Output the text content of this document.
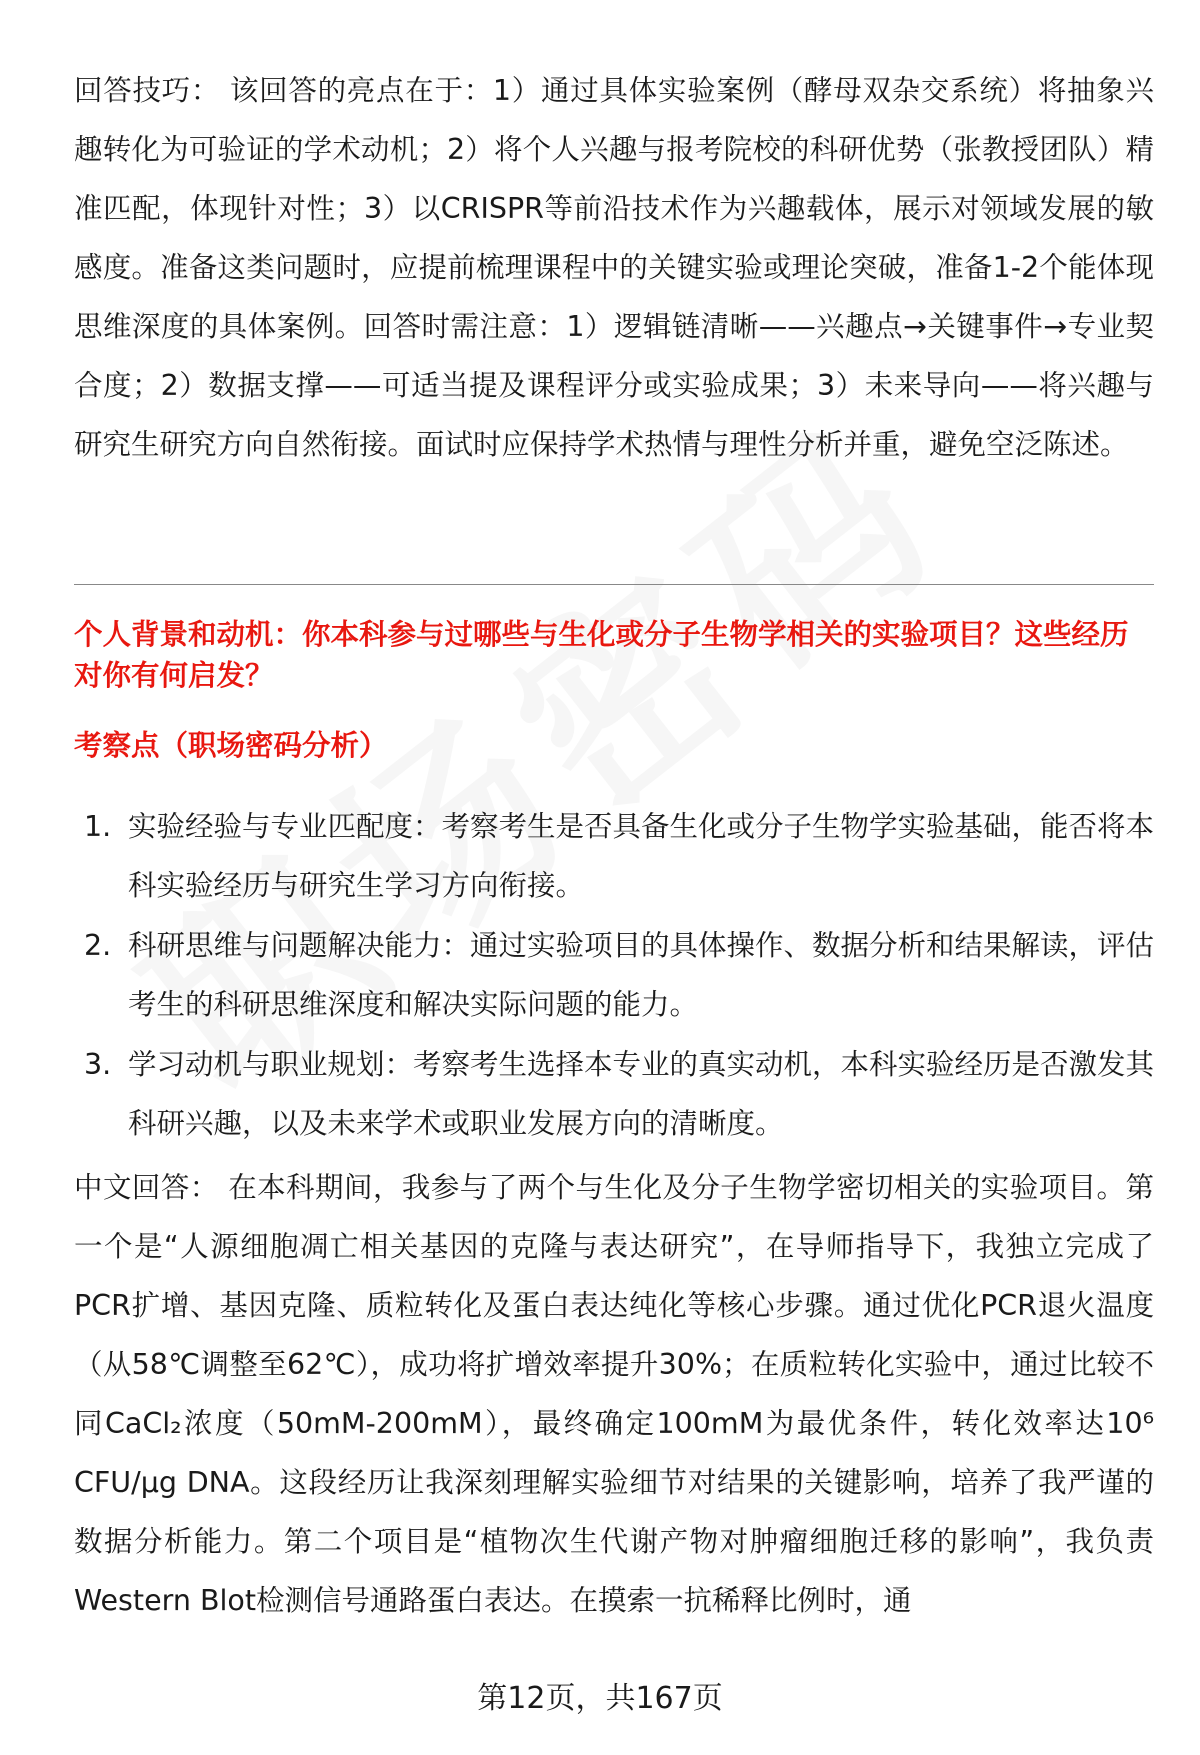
回答技巧： 该回答的亮点在于：1）通过具体实验案例（酵母双杂交系统）将抽象兴趣转化为可验证的学术动机；2）将个人兴趣与报考院校的科研优势（张教授团队）精准匹配，体现针对性；3）以CRISPR等前沿技术作为兴趣载体，展示对领域发展的敏感度。准备这类问题时，应提前梳理课程中的关键实验或理论突破，准备1-2个能体现思维深度的具体案例。回答时需注意：1）逻辑链清晰——兴趣点→关键事件→专业契合度；2）数据支撑——可适当提及课程评分或实验成果；3）未来导向——将兴趣与研究生研究方向自然衔接。面试时应保持学术热情与理性分析并重，避免空泛陈述。
个人背景和动机：你本科参与过哪些与生化或分子生物学相关的实验项目？这些经历对你有何启发？
考察点（职场密码分析）
1. 实验经验与专业匹配度：考察考生是否具备生化或分子生物学实验基础，能否将本科实验经历与研究生学习方向衔接。
2. 科研思维与问题解决能力：通过实验项目的具体操作、数据分析和结果解读，评估考生的科研思维深度和解决实际问题的能力。
3. 学习动机与职业规划：考察考生选择本专业的真实动机，本科实验经历是否激发其科研兴趣，以及未来学术或职业发展方向的清晰度。
中文回答： 在本科期间，我参与了两个与生化及分子生物学密切相关的实验项目。第一个是“人源细胞凋亡相关基因的克隆与表达研究”，在导师指导下，我独立完成了PCR扩增、基因克隆、质粒转化及蛋白表达纯化等核心步骤。通过优化PCR退火温度（从58℃调整至62℃），成功将扩增效率提升30%；在质粒转化实验中，通过比较不同CaCl₂浓度（50mM-200mM），最终确定100mM为最优条件，转化效率达10⁶ CFU/μg DNA。这段经历让我深刻理解实验细节对结果的关键影响，培养了我严谨的数据分析能力。第二个项目是“植物次生代谢产物对肿瘤细胞迁移的影响”，我负责Western Blot检测信号通路蛋白表达。在摸索一抗稀释比例时，通
第12页，共167页
